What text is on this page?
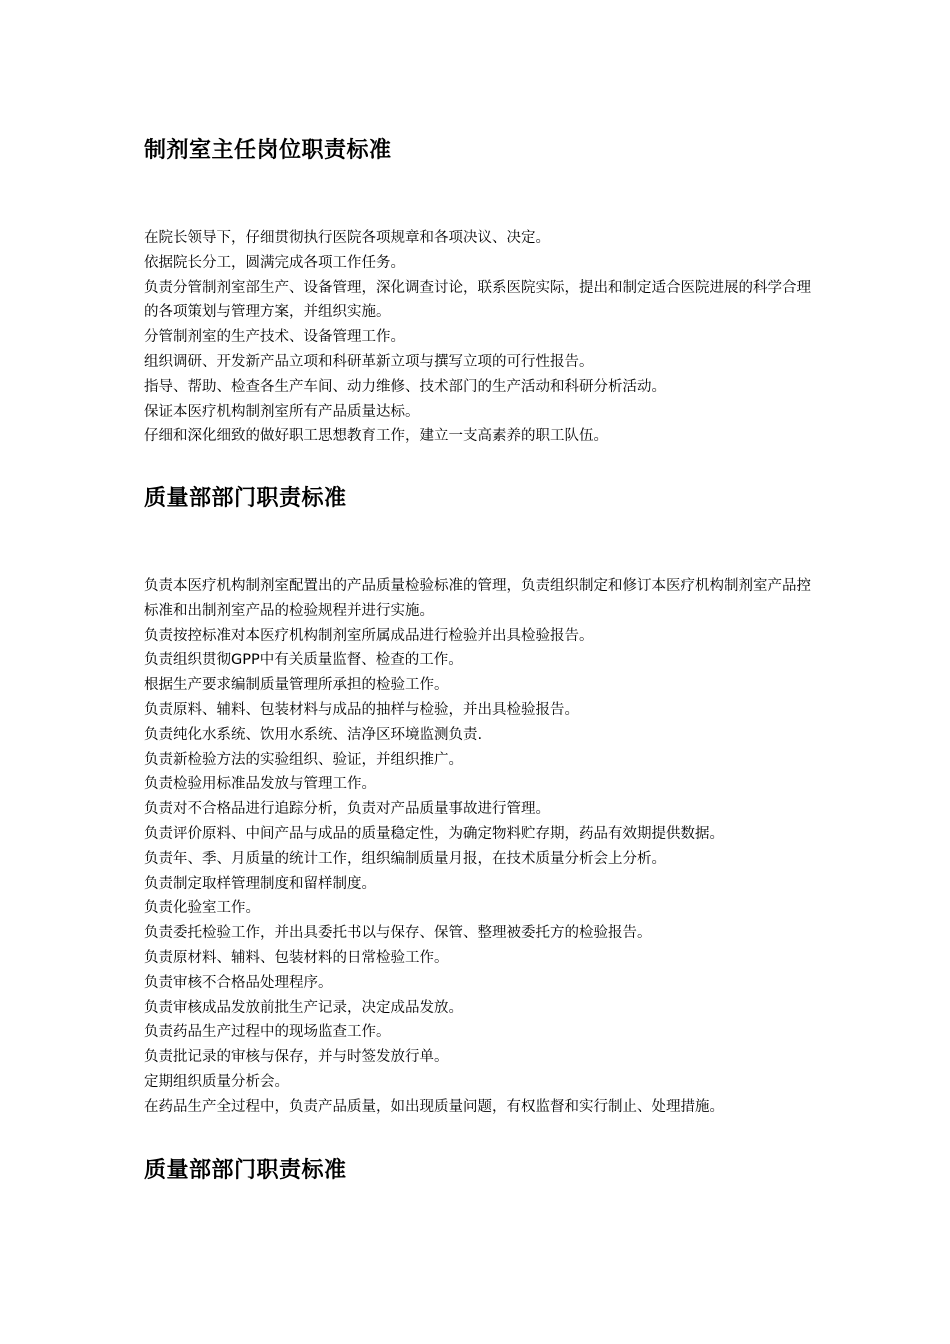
制剂室主任岗位职责标准
在院长领导下，仔细贯彻执行医院各项规章和各项决议、决定。
依据院长分工，圆满完成各项工作任务。
负责分管制剂室部生产、设备管理，深化调查讨论，联系医院实际，提出和制定适合医院进展的科学合理的各项策划与管理方案，并组织实施。
分管制剂室的生产技术、设备管理工作。
组织调研、开发新产品立项和科研革新立项与撰写立项的可行性报告。
指导、帮助、检查各生产车间、动力维修、技术部门的生产活动和科研分析活动。
保证本医疗机构制剂室所有产品质量达标。
仔细和深化细致的做好职工思想教育工作，建立一支高素养的职工队伍。
质量部部门职责标准
负责本医疗机构制剂室配置出的产品质量检验标准的管理，负责组织制定和修订本医疗机构制剂室产品控标准和出制剂室产品的检验规程并进行实施。
负责按控标准对本医疗机构制剂室所属成品进行检验并出具检验报告。
负责组织贯彻GPP中有关质量监督、检查的工作。
根据生产要求编制质量管理所承担的检验工作。
负责原料、辅料、包装材料与成品的抽样与检验，并出具检验报告。
负责纯化水系统、饮用水系统、洁净区环境监测负责.
负责新检验方法的实验组织、验证，并组织推广。
负责检验用标准品发放与管理工作。
负责对不合格品进行追踪分析，负责对产品质量事故进行管理。
负责评价原料、中间产品与成品的质量稳定性，为确定物料贮存期，药品有效期提供数据。
负责年、季、月质量的统计工作，组织编制质量月报，在技术质量分析会上分析。
负责制定取样管理制度和留样制度。
负责化验室工作。
负责委托检验工作，并出具委托书以与保存、保管、整理被委托方的检验报告。
负责原材料、辅料、包装材料的日常检验工作。
负责审核不合格品处理程序。
负责审核成品发放前批生产记录，决定成品发放。
负责药品生产过程中的现场监查工作。
负责批记录的审核与保存，并与时签发放行单。
定期组织质量分析会。
在药品生产全过程中，负责产品质量，如出现质量问题，有权监督和实行制止、处理措施。
质量部部门职责标准
